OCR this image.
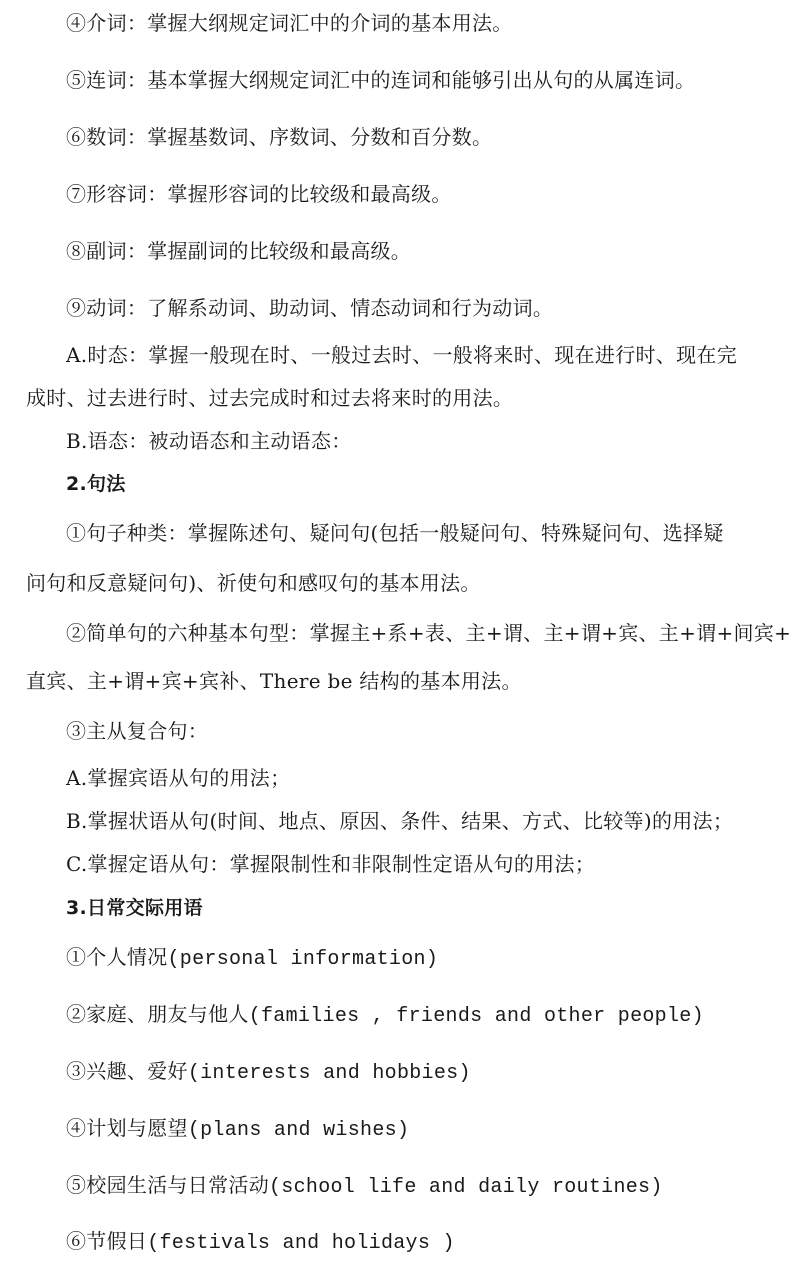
④介词：掌握大纲规定词汇中的介词的基本用法。
⑤连词：基本掌握大纲规定词汇中的连词和能够引出从句的从属连词。
⑥数词：掌握基数词、序数词、分数和百分数。
⑦形容词：掌握形容词的比较级和最高级。
⑧副词：掌握副词的比较级和最高级。
⑨动词：了解系动词、助动词、情态动词和行为动词。
A.时态：掌握一般现在时、一般过去时、一般将来时、现在进行时、现在完
成时、过去进行时、过去完成时和过去将来时的用法。
B.语态：被动语态和主动语态：
2.句法
①句子种类：掌握陈述句、疑问句(包括一般疑问句、特殊疑问句、选择疑
问句和反意疑问句)、祈使句和感叹句的基本用法。
②简单句的六种基本句型：掌握主+系+表、主+谓、主+谓+宾、主+谓+间宾+
直宾、主+谓+宾+宾补、There be 结构的基本用法。
③主从复合句：
A.掌握宾语从句的用法；
B.掌握状语从句(时间、地点、原因、条件、结果、方式、比较等)的用法；
C.掌握定语从句：掌握限制性和非限制性定语从句的用法；
3.日常交际用语
①个人情况(personal information)
②家庭、朋友与他人(families , friends and other people)
③兴趣、爱好(interests and hobbies)
④计划与愿望(plans and wishes)
⑤校园生活与日常活动(school life and daily routines)
⑥节假日(festivals and holidays )
